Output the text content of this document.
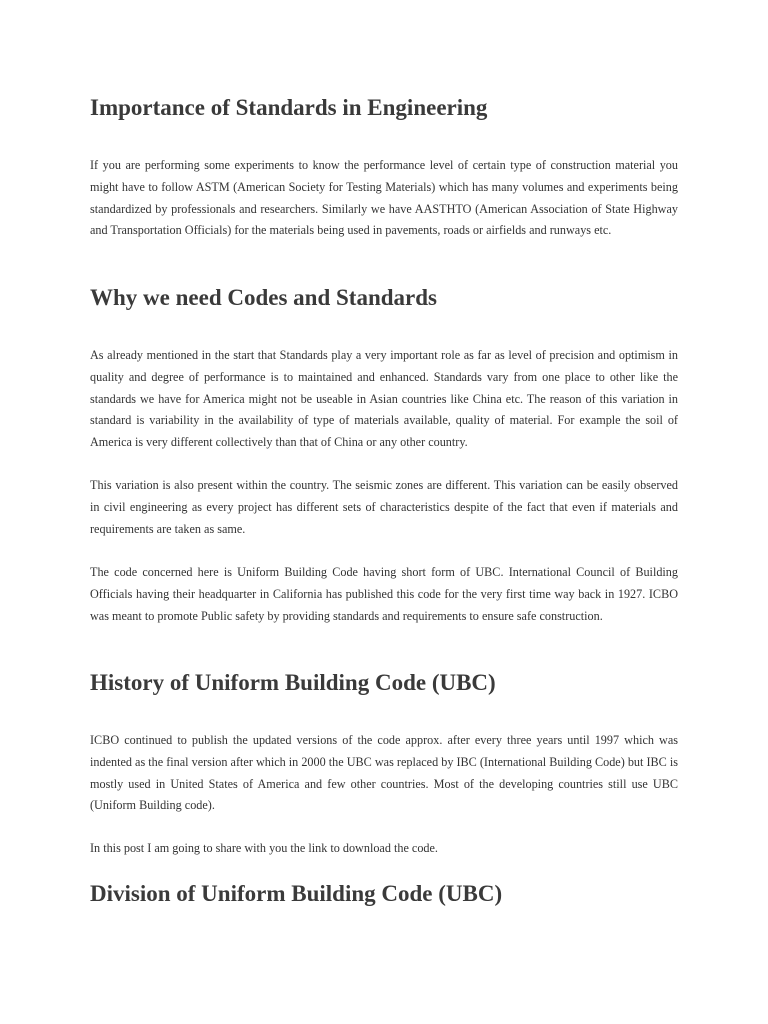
Importance of Standards in Engineering

If you are performing some experiments to know the performance level of certain type of construction material you might have to follow ASTM (American Society for Testing Materials) which has many volumes and experiments being standardized by professionals and researchers. Similarly we have AASTHTO (American Association of State Highway and Transportation Officials) for the materials being used in pavements, roads or airfields and runways etc.

Why we need Codes and Standards

As already mentioned in the start that Standards play a very important role as far as level of precision and optimism in quality and degree of performance is to maintained and enhanced. Standards vary from one place to other like the standards we have for America might not be useable in Asian countries like China etc. The reason of this variation in standard is variability in the availability of type of materials available, quality of material. For example the soil of America is very different collectively than that of China or any other country.

This variation is also present within the country. The seismic zones are different. This variation can be easily observed in civil engineering as every project has different sets of characteristics despite of the fact that even if materials and requirements are taken as same.

The code concerned here is Uniform Building Code having short form of UBC. International Council of Building Officials having their headquarter in California has published this code for the very first time way back in 1927. ICBO was meant to promote Public safety by providing standards and requirements to ensure safe construction.

History of Uniform Building Code (UBC)

ICBO continued to publish the updated versions of the code approx. after every three years until 1997 which was indented as the final version after which in 2000 the UBC was replaced by IBC (International Building Code) but IBC is mostly used in United States of America and few other countries. Most of the developing countries still use UBC (Uniform Building code).

In this post I am going to share with you the link to download the code.

Division of Uniform Building Code (UBC)
